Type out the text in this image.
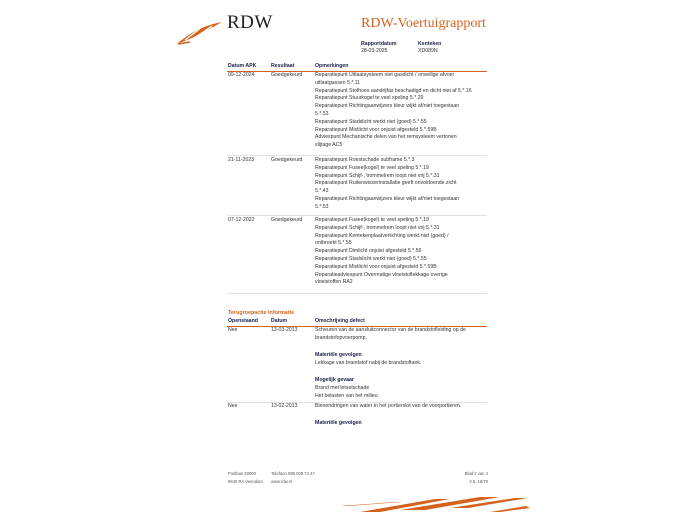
RDW	RDW-Voertuigrapport
Rapportdatum
28-03-2025
Kenteken
XD089N
Datum APK	Resultaat	Opmerkingen
09-12-2024	Goedgekeurd Reparatiepunt Uitlaatsysteem niet gasdicht / onveilige afvoer
uitlaatgassen 5.*.11
Reparatiepunt Stofhoes aandrijfas beschadigd en dicht niet af 5.*.16
Reparatiepunt Stuurkogel te veel speling 5.*.29
Reparatiepunt Richtingaanwijzers kleur wijkt af/niet toegestaan
5.*.53
Reparatiepunt Stadslicht werkt niet (goed) 5.*.55
Reparatiepunt Mistlicht voor onjuist afgesteld 5.*.59B
Adviespunt Mechanische delen van het remsysteem vertonen
slijtage AC5
21-11-2023	Goedgekeurd Reparatiepunt Roestschade subframe 5.*.3
Reparatiepunt Fusee(kogel) te veel speling 5.*.19
Reparatiepunt Schijf-, trommelrem loopt niet vrij 5.*.31
Reparatiepunt Ruitenwisserinstallatie geeft onvoldoende zicht
5.*.43
Reparatiepunt Richtingaanwijzers kleur wijkt af/niet toegestaan
5.*.53
07-12-2022	Goedgekeurd Reparatiepunt Fusee(kogel) te veel speling 5.*.19
Reparatiepunt Schijf-, trommelrem loopt niet vrij 5.*.31
Reparatiepunt Kentekenplaatverlichting werkt niet (goed) /
ontbreekt 5.*.55
Reparatiepunt Dimlicht onjuist afgesteld 5.*.56
Reparatiepunt Stadslicht werkt niet (goed) 5.*.55
Reparatiepunt Mistlicht voor onjuist afgesteld 5.*.59B
Reparatieadviespunt Overmatige vloeistoflekkage overige
vloeistoffen RA2
Terugroepactie informatie
Openstaand	Datum	Omschrijving defect
Nee	13-03-2013	Scheuren van de aansluitconnector van de brandstofleiding op de
brandstofopvoerpomp.
Materiële gevolgen
Lekkage van brandstof nabij de brandstoftank.
Mogelijk gevaar
Brand met letselschade
Het belasten van het milieu
Nee	13-02-2013	Binnendringen van water in het portierslot van de voorportieren.
Materiële gevolgen
Postbus 30000
9640 RA Veendam
Telefoon 088 008 74 47
www.rdw.nl
Blad 2 van 4
2.5. 16/79
